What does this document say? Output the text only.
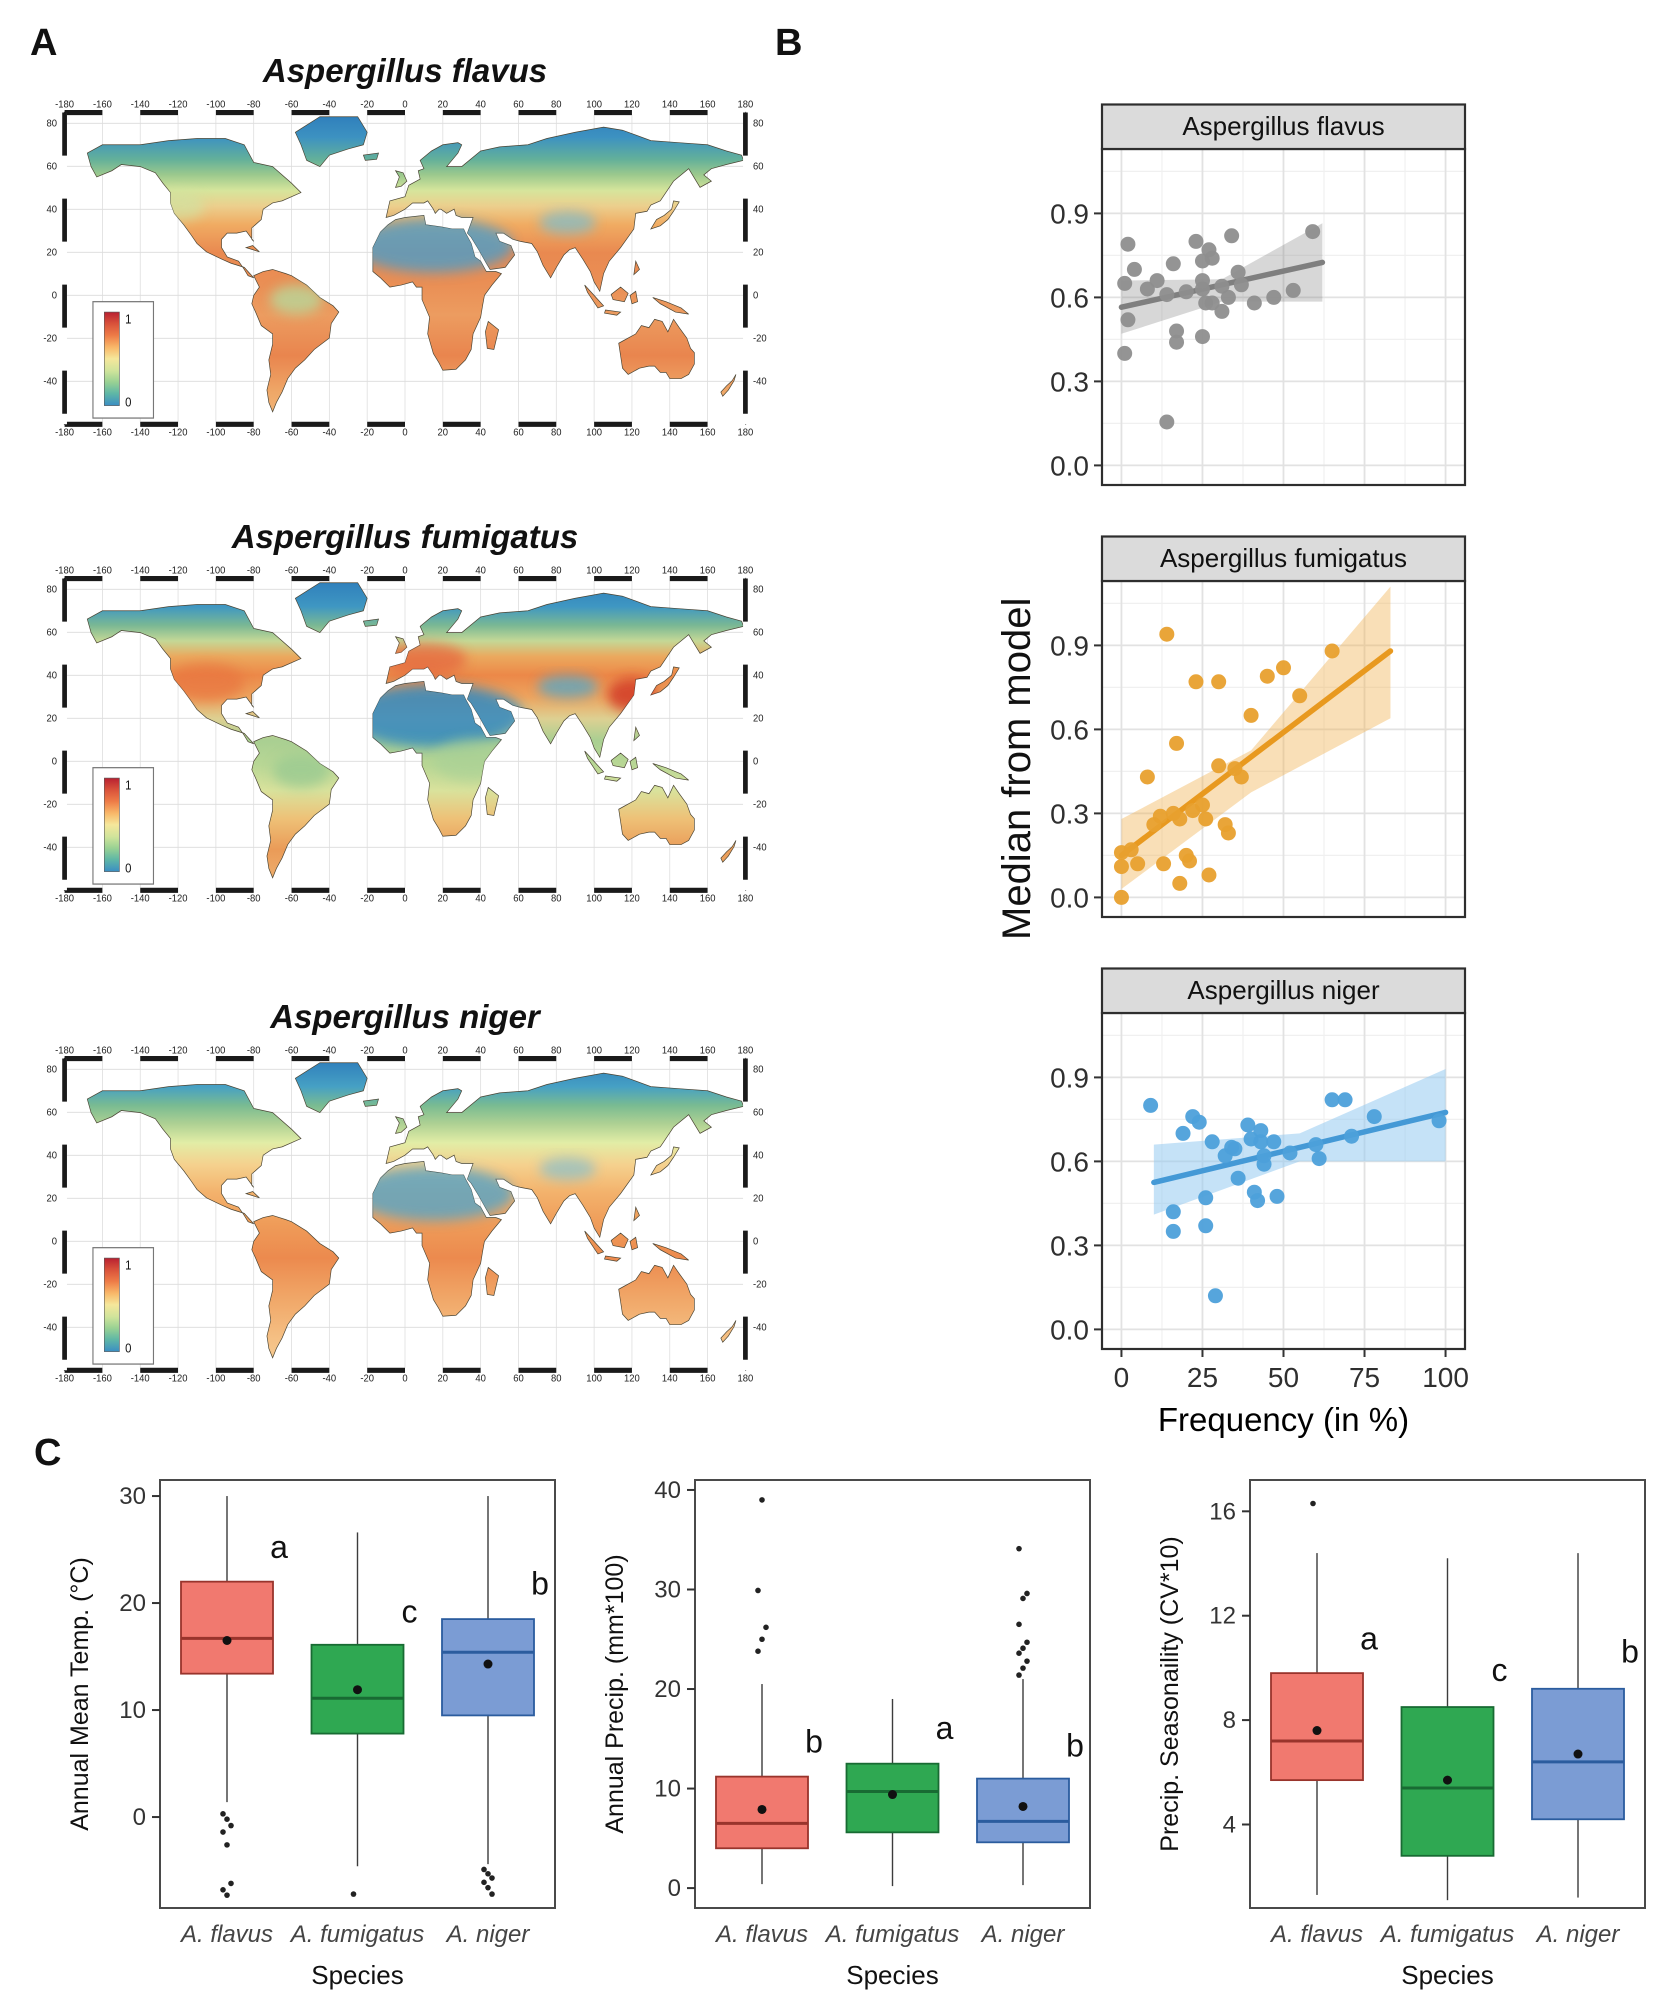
A	B
C
Aspergillus flavus
-180
-180
-160
-160
-140
-140
-120
-120
-100
-100
-80
-80
-60
-60
-40
-40
-20
-20
0
0
20
20
40
40
60
60
80
80
100
100
120
120
140
140
160
160
180
180
80	80
60	60
40	40
20	20
0	0
-20	-20
-40	-40
1
0
Aspergillus fumigatus
-180
-180
-160
-160
-140
-140
-120
-120
-100
-100
-80
-80
-60
-60
-40
-40
-20
-20
0
0
20
20
40
40
60
60
80
80
100
100
120
120
140
140
160
160
180
180
80	80
60	60
40	40
20	20
0	0
-20	-20
-40	-40
1
0
Aspergillus niger
-180
-180
-160
-160
-140
-140
-120
-120
-100
-100
-80
-80
-60
-60
-40
-40
-20
-20
0
0
20
20
40
40
60
60
80
80
100
100
120
120
140
140
160
160
180
180
80	80
60	60
40	40
20	20
0	0
-20	-20
-40	-40
1
0
Aspergillus flavus
0.0
0.3
0.6
0.9
Aspergillus fumigatus
0.0
0.3
0.6
0.9
Aspergillus niger
0.0
0.3
0.6
0.9
0 25 50 75 100
Frequency (in %)
Median from model
0
10
20
30
Annual Mean Temp. (°C)
a
A. flavus
c
A. fumigatus
b
A. niger
Species
0
10
20
30
40
Annual Precip. (mm*100)	b
A. flavus
a
A. fumigatus
b
A. niger
Species
4
8
12
16
Precip. Seasonaility (CV*10)	a
A. flavus
c
A. fumigatus
b
A. niger
Species
